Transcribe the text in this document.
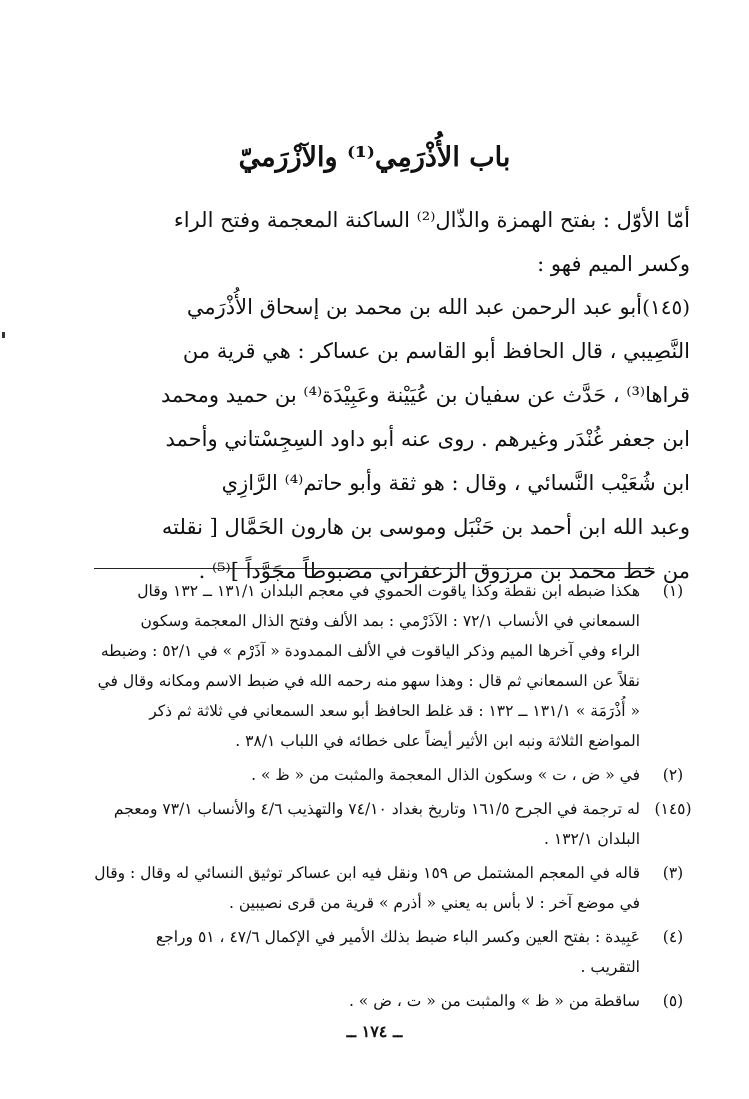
باب الأُذْرَمِي⁽¹⁾ والآزْرَميّ
أمّا الأوّل : بفتح الهمزة والذّال⁽²⁾ الساكنة المعجمة وفتح الراء
وكسر الميم فهو :
(١٤٥)
أبو عبد الرحمن عبد الله بن محمد بن إسحاق الأُذْرَمي
النَّصِيبي ، قال الحافظ أبو القاسم بن عساكر : هي قرية من
قراها⁽³⁾ ، حَدَّث عن سفيان بن عُيَيْنة وعَبِيْدَة⁽⁴⁾ بن حميد ومحمد
ابن جعفر غُنْدَر وغيرهم . روى عنه أبو داود السِجِسْتاني وأحمد
ابن شُعَيْب النَّسائي ، وقال : هو ثقة وأبو حاتم⁽⁴⁾ الرَّازِي
وعبد الله ابن أحمد بن حَنْبَل وموسى بن هارون الحَمَّال [ نقلته
من خط محمد بن مرزوق الزعفراني مضبوطاً مجَوَّداً ]⁽⁵⁾ .
(١)
هكذا ضبطه ابن نقطة وكذا ياقوت الحموي في معجم البلدان ١٣١/١ ــ ١٣٢ وقال
السمعاني في الأنساب ٧٢/١ : الآذَرْمي : بمد الألف وفتح الذال المعجمة وسكون
الراء وفي آخرها الميم وذكر الياقوت في الألف الممدودة « آذَرْم » في ٥٢/١ : وضبطه
نقلاً عن السمعاني ثم قال : وهذا سهو منه رحمه الله في ضبط الاسم ومكانه وقال في
« أُذْرَمَة » ١٣١/١ ــ ١٣٢ : قد غلط الحافظ أبو سعد السمعاني في ثلاثة ثم ذكر
المواضع الثلاثة ونبه ابن الأثير أيضاً على خطائه في اللباب ٣٨/١ .
(٢)
في « ض ، ت » وسكون الذال المعجمة والمثبت من « ظ » .
(١٤٥)
له ترجمة في الجرح ١٦١/٥ وتاريخ بغداد ٧٤/١٠ والتهذيب ٤/٦ والأنساب ٧٣/١ ومعجم
البلدان ١٣٢/١ .
(٣)
قاله في المعجم المشتمل ص ١٥٩ ونقل فيه ابن عساكر توثيق النسائي له وقال : وقال
في موضع آخر : لا بأس به يعني « أذرم » قرية من قرى نصيبين .
(٤)
عَبِيدة : بفتح العين وكسر الباء ضبط بذلك الأمير في الإكمال ٤٧/٦ ، ٥١ وراجع
التقريب .
(٥)
ساقطة من « ظ » والمثبت من « ت ، ض » .
ــ ١٧٤ ــ
